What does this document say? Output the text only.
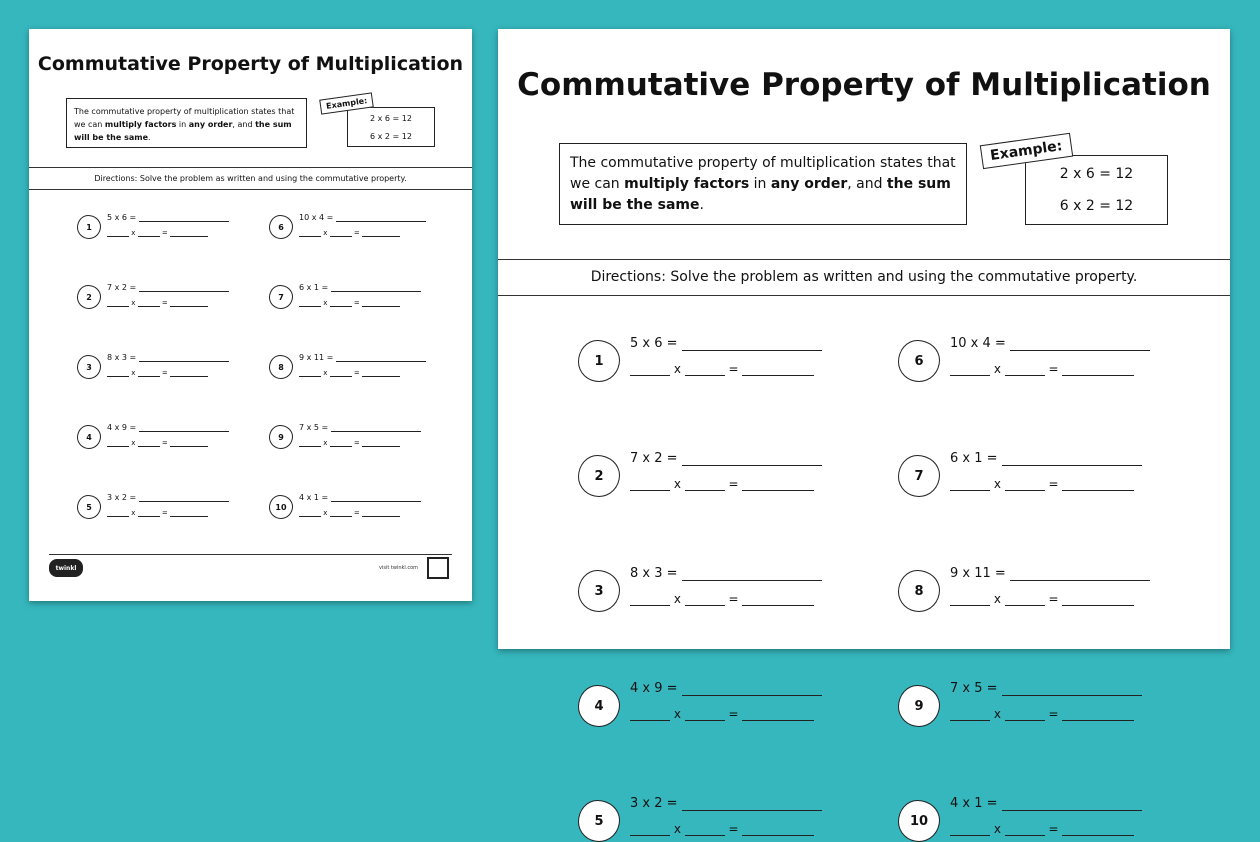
Commutative Property of Multiplication
The commutative property of multiplication states that we can multiply factors in any order, and the sum will be the same.
2 x 6 = 12
6 x 2 = 12
Example:
Directions: Solve the problem as written and using the commutative property.
1
5 x 6 =
x	=
2
7 x 2 =
x	=
3
8 x 3 =
x	=
4
4 x 9 =
x	=
5
3 x 2 =
x	=
6
10 x 4 =
x	=
7
6 x 1 =
x	=
8
9 x 11 =
x	=
9
7 x 5 =
x	=
10
4 x 1 =
x	=
twinkl	visit twinkl.com
Commutative Property of Multiplication
The commutative property of multiplication states that we can multiply factors in any order, and the sum will be the same.
2 x 6 = 12
6 x 2 = 12
Example:
Directions: Solve the problem as written and using the commutative property.
1
5 x 6 =
x	=
2
7 x 2 =
x	=
3
8 x 3 =
x	=
4
4 x 9 =
x	=
5
3 x 2 =
x	=
6
10 x 4 =
x	=
7
6 x 1 =
x	=
8
9 x 11 =
x	=
9
7 x 5 =
x	=
10
4 x 1 =
x	=
